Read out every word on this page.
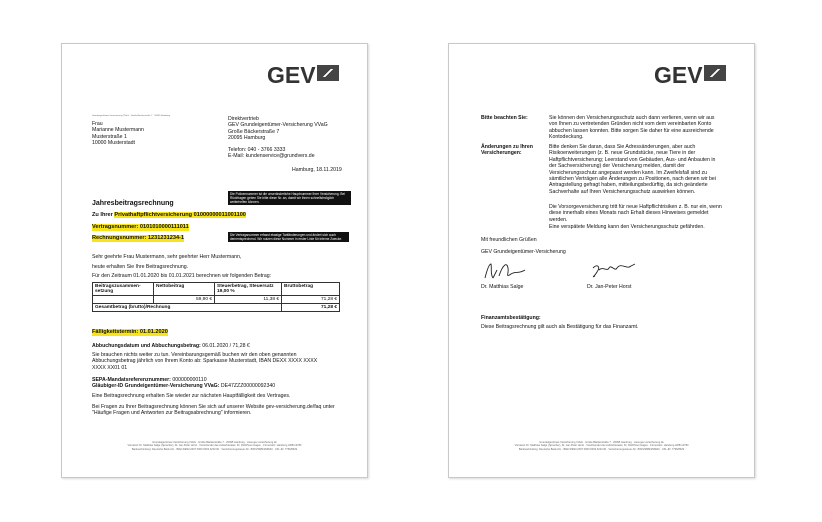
GEV
Grundeigentümer-Versicherung VVaG · Große Bäckerstraße 7 · 20095 Hamburg
Frau
Marianne Mustermann
Musterstraße 1
10000 Musterstadt
Direktvertrieb
GEV Grundeigentümer-Versicherung VVaG
Große Bäckerstraße 7
20095 Hamburg
Telefon: 040 - 3766 3333
E-Mail: kundenservice@grundvers.de
Hamburg, 18.11.2019
Jahresbeitragsrechnung
Die Policennummer ist die unveränderliche Hauptnummer Ihrer Versicherung. Bei Rückfragen geben Sie bitte diese Nr. an, damit wir Ihnen schnellstmöglich weiterhelfen können.
Zu Ihrer Privathaftpflichtversicherung 01000000011001100
Vertragsnummer: 0101010000111011
Rechnungsnummer: 1231231234-1	Die Vertragsnummer erfasst etwaige Tarifänderungen und ändert sich auch dementsprechend. Wir nutzen diese Nummer in erster Linie für interne Zwecke.
Sehr geehrte Frau Mustermann, sehr geehrter Herr Mustermann,
heute erhalten Sie Ihre Beitragsrechnung.
Für den Zeitraum 01.01.2020 bis 01.01.2021 berechnen wir folgenden Betrag:
Beitragszusammen-setzung	Nettobeitrag	Steuerbetrag, Steuersatz 19,00 %	Bruttobetrag
	59,90 €	11,38 €	71,28 €
Gesamtbetrag (brutto)/Rechnung			71,28 €
Fälligkeitstermin: 01.01.2020
Abbuchungsdatum und Abbuchungsbetrag: 06.01.2020 / 71,28 €
Sie brauchen nichts weiter zu tun. Vereinbarungsgemäß buchen wir den oben genannten Abbuchungsbetrag jährlich von Ihrem Konto ab: Sparkasse Musterstadt, IBAN DEXX XXXX XXXX XXXX XX01 01
SEPA-Mandatsreferenznummer: 000000000110
Gläubiger-ID Grundeigentümer-Versicherung VVaG: DE47ZZZ00000092340
Eine Beitragsrechnung erhalten Sie wieder zur nächsten Hauptfälligkeit des Vertrages.
Bei Fragen zu Ihrer Beitragsrechnung können Sie sich auf unserer Website gev-versicherung.de/faq unter "Häufige Fragen und Antworten zur Beitragsabrechnung" informieren.
Grundeigentümer-Versicherung VVaG · Große Bäckerstraße 7 · 20095 Hamburg · www.gev-versicherung.de
Vorstand: Dr. Matthias Salge (Sprecher), Dr. Jan-Peter Horst · Vorsitzender des Aufsichtsrates: Dr. Rolf-Peter Hagen · Firmensitz: Hamburg HRB 12783
Bankverbindung: Deutsche Bank AG · IBAN DE93 2007 0000 0033 4233 00 · Versicherungssteuer-Nr.: 806/V90804/99943 · USt.-ID: 7766/8329
GEV
Bitte beachten Sie:	Sie können den Versicherungsschutz auch dann verlieren, wenn wir aus von Ihnen zu vertretenden Gründen nicht vom dem vereinbarten Konto abbuchen lassen konnten. Bitte sorgen Sie daher für eine ausreichende Kontodeckung.
Änderungen zu Ihren Versicherungen:
Bitte denken Sie daran, dass Sie Adressänderungen, aber auch Risikoerweiterungen (z. B. neue Grundstücke, neue Tiere in der Haftpflichtversicherung; Leerstand von Gebäuden, Aus- und Anbauten in der Sachversicherung) der Versicherung melden, damit der Versicherungsschutz angepasst werden kann. Im Zweifelsfall sind zu sämtlichen Verträgen alle Änderungen zu Positionen, nach denen wir bei Antragstellung gefragt haben, mitteilungsbedürftig, da sich geänderte Sachverhalte auf Ihren Versicherungsschutz auswirken können.
Die Vorsorgeversicherung tritt für neue Haftpflichtrisiken z. B. nur ein, wenn diese innerhalb eines Monats nach Erhalt dieses Hinweises gemeldet werden.
Eine verspätete Meldung kann den Versicherungsschutz gefährden.
Mit freundlichen Grüßen
GEV Grundeigentümer-Versicherung
Dr. Matthias Salge	Dr. Jan-Peter Horst
Finanzamtsbestätigung:
Diese Beitragsrechnung gilt auch als Bestätigung für das Finanzamt.
Grundeigentümer-Versicherung VVaG · Große Bäckerstraße 7 · 20095 Hamburg · www.gev-versicherung.de
Vorstand: Dr. Matthias Salge (Sprecher), Dr. Jan-Peter Horst · Vorsitzender des Aufsichtsrates: Dr. Rolf-Peter Hagen · Firmensitz: Hamburg HRB 12783
Bankverbindung: Deutsche Bank AG · IBAN DE93 2007 0000 0033 4233 00 · Versicherungssteuer-Nr.: 806/V90804/99943 · USt.-ID: 7766/8329
